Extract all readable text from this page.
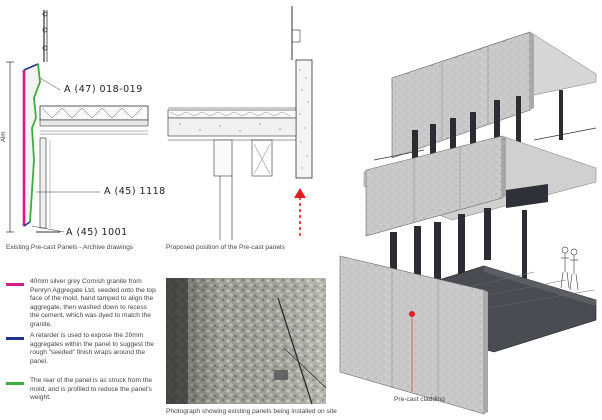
A (47) 018-019
A (45) 1118
A (45) 1001
Alm
Existing Pre-cast Panels - Archive drawings	Proposed position of the Pre-cast panels
40mm silver grey Cornish granite from Penryn Aggregate Ltd, seeded onto the top face of the mold, hand tamped to align the aggregate, then washed down to recess the cement, which was dyed to match the granite.
A retarder is used to expose the 20mm aggregates within the panel to suggest the rough "seeded" finish wraps around the panel.
The rear of the panel is as struck from the mold, and is profiled to reduce the panel's weight.
Photograph showing existing panels being installed on site
Pre-cast cladding
